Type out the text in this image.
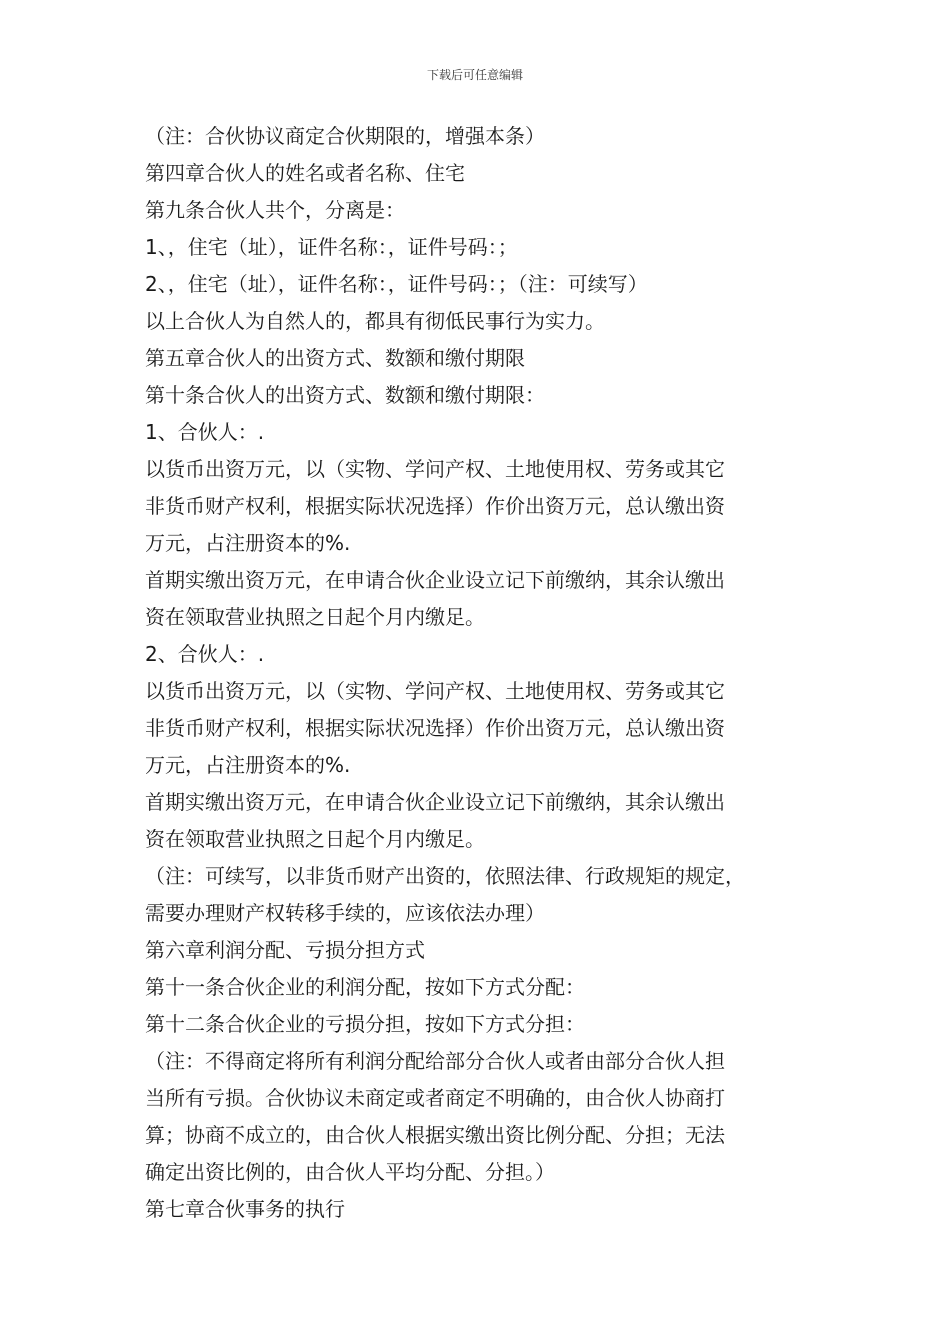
下载后可任意编辑
（注：合伙协议商定合伙期限的，增强本条）
第四章合伙人的姓名或者名称、住宅
第九条合伙人共个，分离是：
1、，住宅（址），证件名称：，证件号码：；
2、，住宅（址），证件名称：，证件号码：；（注：可续写）
以上合伙人为自然人的，都具有彻低民事行为实力。
第五章合伙人的出资方式、数额和缴付期限
第十条合伙人的出资方式、数额和缴付期限：
1、合伙人：.
以货币出资万元，以（实物、学问产权、土地使用权、劳务或其它
非货币财产权利，根据实际状况选择）作价出资万元，总认缴出资
万元，占注册资本的%.
首期实缴出资万元，在申请合伙企业设立记下前缴纳，其余认缴出
资在领取营业执照之日起个月内缴足。
2、合伙人：.
以货币出资万元，以（实物、学问产权、土地使用权、劳务或其它
非货币财产权利，根据实际状况选择）作价出资万元，总认缴出资
万元，占注册资本的%.
首期实缴出资万元，在申请合伙企业设立记下前缴纳，其余认缴出
资在领取营业执照之日起个月内缴足。
（注：可续写，以非货币财产出资的，依照法律、行政规矩的规定，
需要办理财产权转移手续的，应该依法办理）
第六章利润分配、亏损分担方式
第十一条合伙企业的利润分配，按如下方式分配：
第十二条合伙企业的亏损分担，按如下方式分担：
（注：不得商定将所有利润分配给部分合伙人或者由部分合伙人担
当所有亏损。合伙协议未商定或者商定不明确的，由合伙人协商打
算；协商不成立的，由合伙人根据实缴出资比例分配、分担；无法
确定出资比例的，由合伙人平均分配、分担。）
第七章合伙事务的执行
